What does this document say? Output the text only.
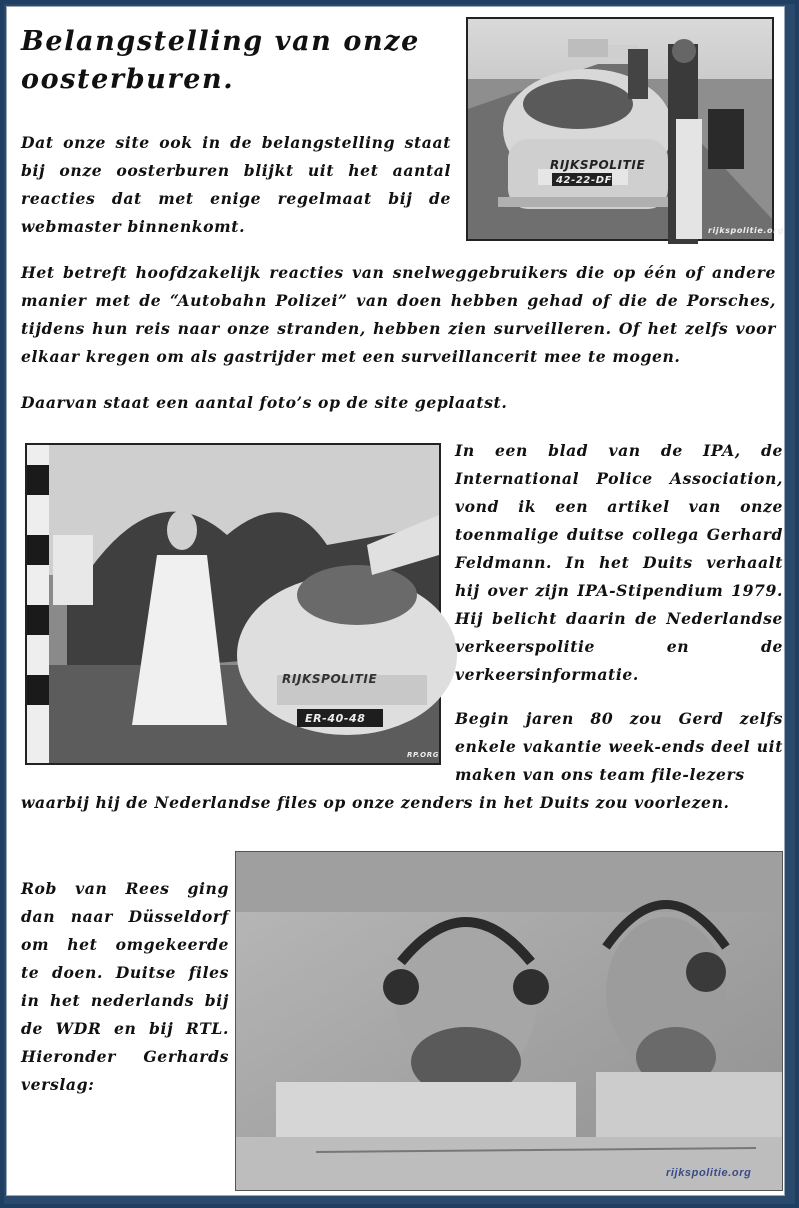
Belangstelling van onze oosterburen.
RIJKSPOLITIE
42-22-DF
rijkspolitie.org

Dat onze site ook in de belangstelling staat bij onze oosterburen blijkt uit het aantal reacties dat met enige regelmaat bij de webmaster binnenkomt.

Het betreft hoofdzakelijk reacties van snelweggebruikers die op één of andere manier met de “Autobahn Polizei” van doen hebben gehad of die de Porsches, tijdens hun reis naar onze stranden, hebben zien surveilleren. Of het zelfs voor elkaar kregen om als gastrijder met een surveillancerit mee te mogen.

Daarvan staat een aantal foto’s op de site geplaatst.

RIJKSPOLITIE
ER-40-48
RP.ORG

In een blad van de IPA, de International Police Association, vond ik een artikel van onze toenmalige duitse collega Gerhard Feldmann. In het Duits verhaalt hij over zijn IPA-Stipendium 1979. Hij belicht daarin de Nederlandse verkeerspolitie en de verkeersinformatie.

Begin jaren 80 zou Gerd zelfs enkele vakantie week-ends deel uit maken van ons team file-lezers

waarbij hij de Nederlandse files op onze zenders in het Duits zou voorlezen.

Rob van Rees ging dan naar Düsseldorf om het omgekeerde te doen. Duitse files in het nederlands bij de WDR en bij RTL. Hieronder Gerhards verslag:

rijkspolitie.org
